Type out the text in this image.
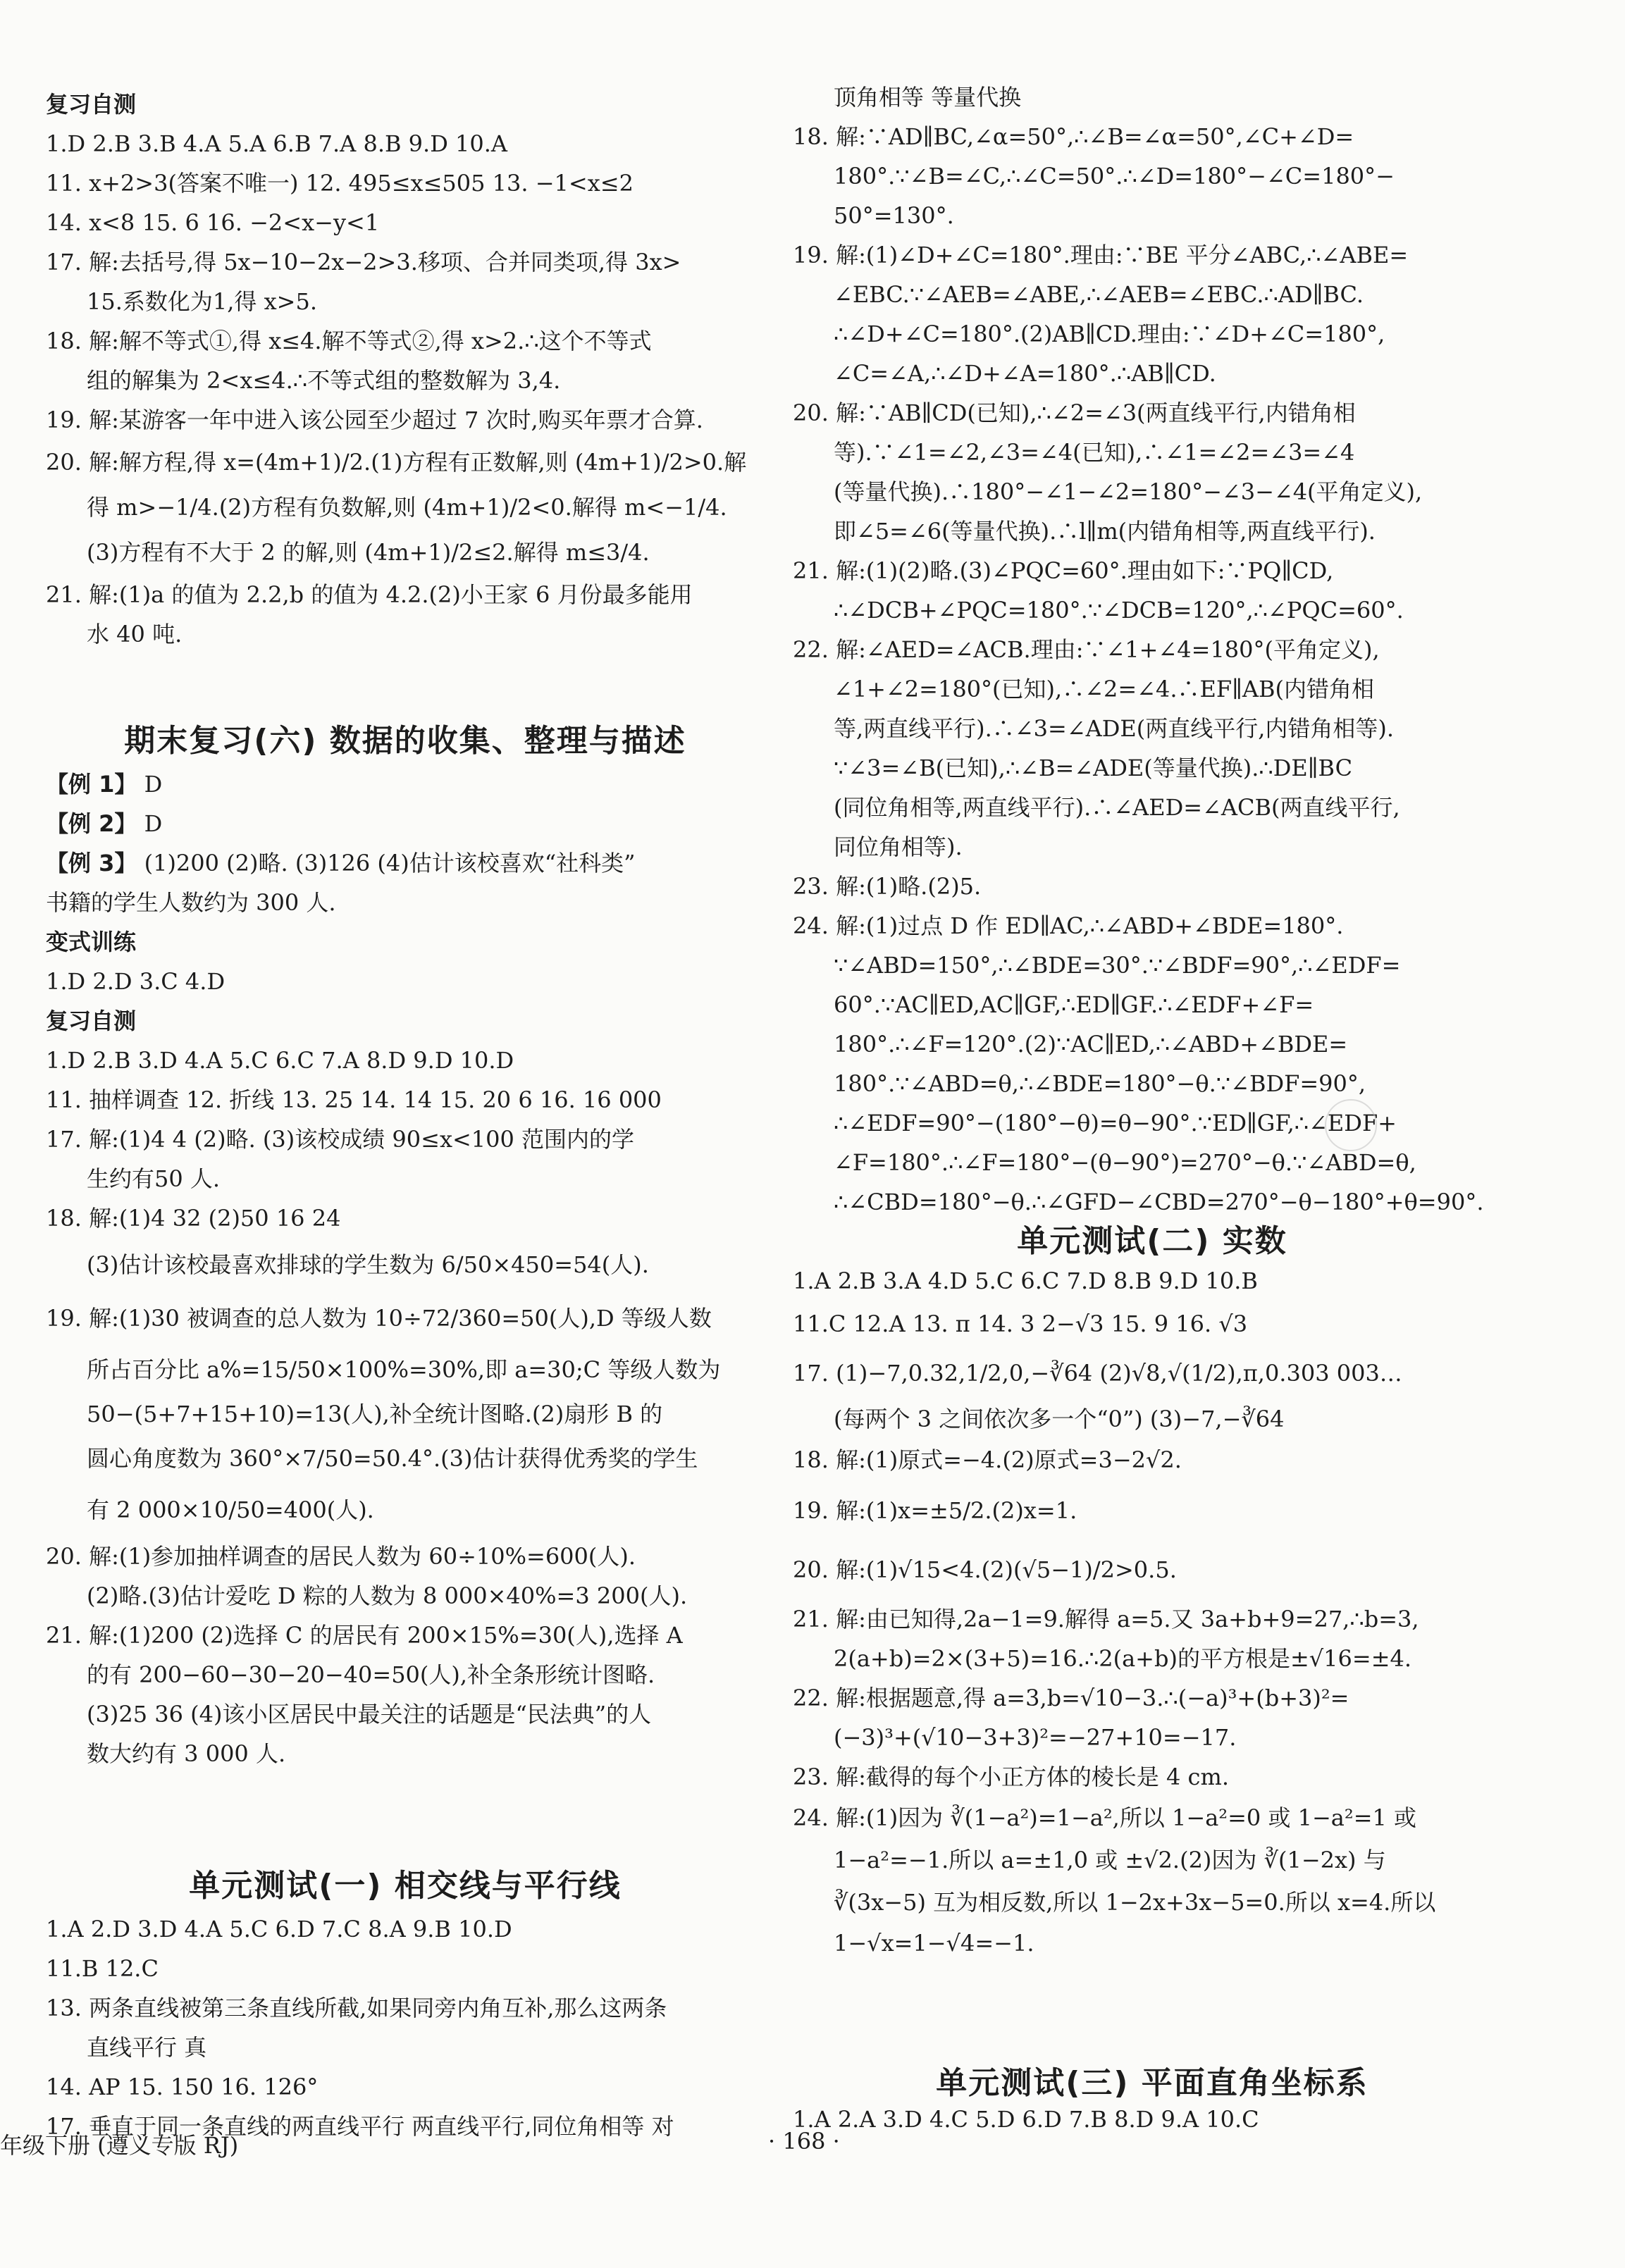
复习自测
1.D 2.B 3.B 4.A 5.A 6.B 7.A 8.B 9.D 10.A
11. x+2>3(答案不唯一) 12. 495≤x≤505 13. −1<x≤2
14. x<8 15. 6 16. −2<x−y<1
17. 解:去括号,得 5x−10−2x−2>3.移项、合并同类项,得 3x>
15.系数化为1,得 x>5.
18. 解:解不等式①,得 x≤4.解不等式②,得 x>2.∴这个不等式
组的解集为 2<x≤4.∴不等式组的整数解为 3,4.
19. 解:某游客一年中进入该公园至少超过 7 次时,购买年票才合算.
20. 解:解方程,得 x=(4m+1)/2.(1)方程有正数解,则 (4m+1)/2>0.解
得 m>−1/4.(2)方程有负数解,则 (4m+1)/2<0.解得 m<−1/4.
(3)方程有不大于 2 的解,则 (4m+1)/2≤2.解得 m≤3/4.
21. 解:(1)a 的值为 2.2,b 的值为 4.2.(2)小王家 6 月份最多能用
水 40 吨.
期末复习(六) 数据的收集、整理与描述
【例 1】 D
【例 2】 D
【例 3】 (1)200 (2)略. (3)126 (4)估计该校喜欢“社科类”
书籍的学生人数约为 300 人.
变式训练
1.D 2.D 3.C 4.D
复习自测
1.D 2.B 3.D 4.A 5.C 6.C 7.A 8.D 9.D 10.D
11. 抽样调查 12. 折线 13. 25 14. 14 15. 20 6 16. 16 000
17. 解:(1)4 4 (2)略. (3)该校成绩 90≤x<100 范围内的学
生约有50 人.
18. 解:(1)4 32 (2)50 16 24
(3)估计该校最喜欢排球的学生数为 6/50×450=54(人).
19. 解:(1)30 被调查的总人数为 10÷72/360=50(人),D 等级人数
所占百分比 a%=15/50×100%=30%,即 a=30;C 等级人数为
50−(5+7+15+10)=13(人),补全统计图略.(2)扇形 B 的
圆心角度数为 360°×7/50=50.4°.(3)估计获得优秀奖的学生
有 2 000×10/50=400(人).
20. 解:(1)参加抽样调查的居民人数为 60÷10%=600(人).
(2)略.(3)估计爱吃 D 粽的人数为 8 000×40%=3 200(人).
21. 解:(1)200 (2)选择 C 的居民有 200×15%=30(人),选择 A
的有 200−60−30−20−40=50(人),补全条形统计图略.
(3)25 36 (4)该小区居民中最关注的话题是“民法典”的人
数大约有 3 000 人.
单元测试(一) 相交线与平行线
1.A 2.D 3.D 4.A 5.C 6.D 7.C 8.A 9.B 10.D
11.B 12.C
13. 两条直线被第三条直线所截,如果同旁内角互补,那么这两条
直线平行 真
14. AP 15. 150 16. 126°
17. 垂直于同一条直线的两直线平行 两直线平行,同位角相等 对
顶角相等 等量代换
18. 解:∵AD∥BC,∠α=50°,∴∠B=∠α=50°,∠C+∠D=
180°.∵∠B=∠C,∴∠C=50°.∴∠D=180°−∠C=180°−
50°=130°.
19. 解:(1)∠D+∠C=180°.理由:∵BE 平分∠ABC,∴∠ABE=
∠EBC.∵∠AEB=∠ABE,∴∠AEB=∠EBC.∴AD∥BC.
∴∠D+∠C=180°.(2)AB∥CD.理由:∵∠D+∠C=180°,
∠C=∠A,∴∠D+∠A=180°.∴AB∥CD.
20. 解:∵AB∥CD(已知),∴∠2=∠3(两直线平行,内错角相
等).∵∠1=∠2,∠3=∠4(已知),∴∠1=∠2=∠3=∠4
(等量代换).∴180°−∠1−∠2=180°−∠3−∠4(平角定义),
即∠5=∠6(等量代换).∴l∥m(内错角相等,两直线平行).
21. 解:(1)(2)略.(3)∠PQC=60°.理由如下:∵PQ∥CD,
∴∠DCB+∠PQC=180°.∵∠DCB=120°,∴∠PQC=60°.
22. 解:∠AED=∠ACB.理由:∵∠1+∠4=180°(平角定义),
∠1+∠2=180°(已知),∴∠2=∠4.∴EF∥AB(内错角相
等,两直线平行).∴∠3=∠ADE(两直线平行,内错角相等).
∵∠3=∠B(已知),∴∠B=∠ADE(等量代换).∴DE∥BC
(同位角相等,两直线平行).∴∠AED=∠ACB(两直线平行,
同位角相等).
23. 解:(1)略.(2)5.
24. 解:(1)过点 D 作 ED∥AC,∴∠ABD+∠BDE=180°.
∵∠ABD=150°,∴∠BDE=30°.∵∠BDF=90°,∴∠EDF=
60°.∵AC∥ED,AC∥GF,∴ED∥GF.∴∠EDF+∠F=
180°.∴∠F=120°.(2)∵AC∥ED,∴∠ABD+∠BDE=
180°.∵∠ABD=θ,∴∠BDE=180°−θ.∵∠BDF=90°,
∴∠EDF=90°−(180°−θ)=θ−90°.∵ED∥GF,∴∠EDF+
∠F=180°.∴∠F=180°−(θ−90°)=270°−θ.∵∠ABD=θ,
∴∠CBD=180°−θ.∴∠GFD−∠CBD=270°−θ−180°+θ=90°.
单元测试(二) 实数
1.A 2.B 3.A 4.D 5.C 6.C 7.D 8.B 9.D 10.B
11.C 12.A 13. π 14. 3 2−√3 15. 9 16. √3
17. (1)−7,0.32,1/2,0,−∛64 (2)√8,√(1/2),π,0.303 003…
(每两个 3 之间依次多一个“0”) (3)−7,−∛64
18. 解:(1)原式=−4.(2)原式=3−2√2.
19. 解:(1)x=±5/2.(2)x=1.
20. 解:(1)√15<4.(2)(√5−1)/2>0.5.
21. 解:由已知得,2a−1=9.解得 a=5.又 3a+b+9=27,∴b=3,
2(a+b)=2×(3+5)=16.∴2(a+b)的平方根是±√16=±4.
22. 解:根据题意,得 a=3,b=√10−3.∴(−a)³+(b+3)²=
(−3)³+(√10−3+3)²=−27+10=−17.
23. 解:截得的每个小正方体的棱长是 4 cm.
24. 解:(1)因为 ∛(1−a²)=1−a²,所以 1−a²=0 或 1−a²=1 或
1−a²=−1.所以 a=±1,0 或 ±√2.(2)因为 ∛(1−2x) 与
∛(3x−5) 互为相反数,所以 1−2x+3x−5=0.所以 x=4.所以
1−√x=1−√4=−1.
单元测试(三) 平面直角坐标系
1.A 2.A 3.D 4.C 5.D 6.D 7.B 8.D 9.A 10.C
年级下册 (遵义专版 RJ)	· 168 ·
